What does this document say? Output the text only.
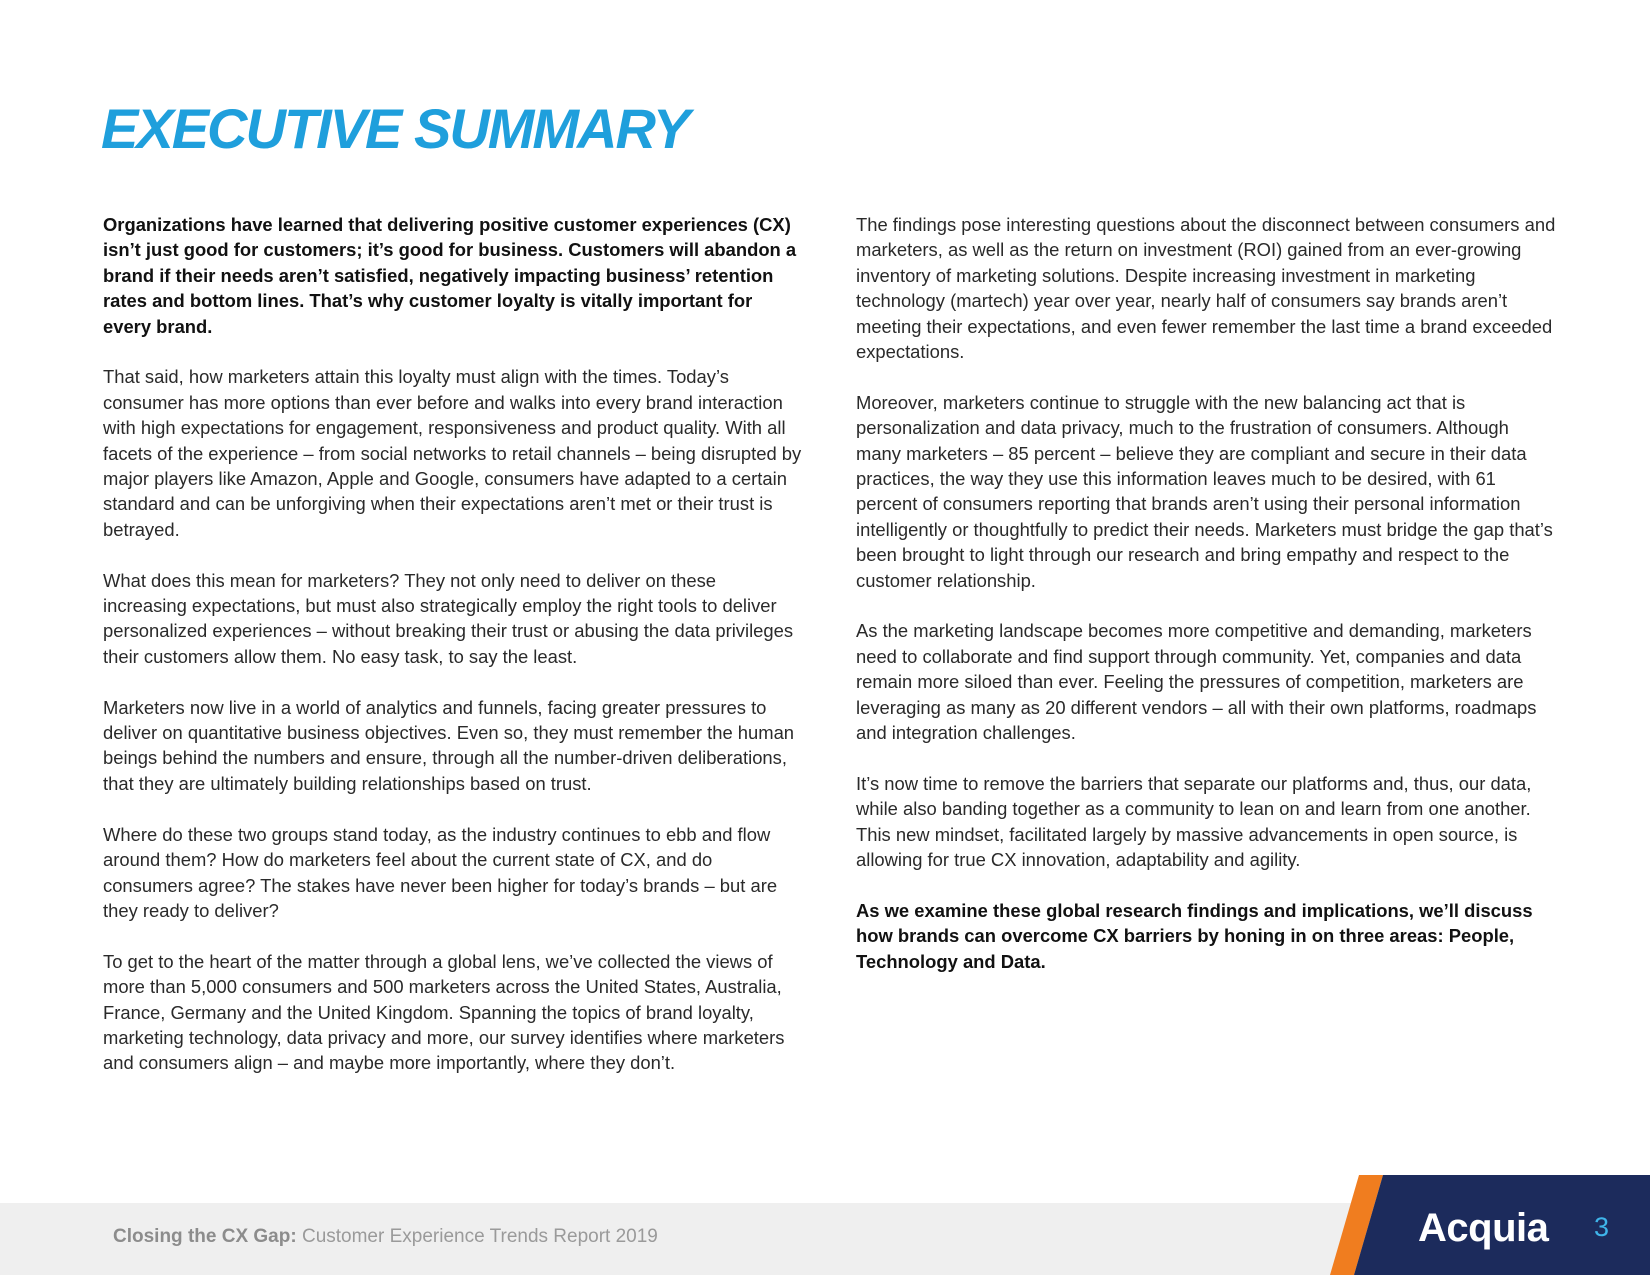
EXECUTIVE SUMMARY

Organizations have learned that delivering positive customer experiences (CX) isn’t just good for customers; it’s good for business. Customers will abandon a brand if their needs aren’t satisfied, negatively impacting business’ retention rates and bottom lines. That’s why customer loyalty is vitally important for every brand.

That said, how marketers attain this loyalty must align with the times. Today’s consumer has more options than ever before and walks into every brand interaction with high expectations for engagement, responsiveness and product quality. With all facets of the experience – from social networks to retail channels – being disrupted by major players like Amazon, Apple and Google, consumers have adapted to a certain standard and can be unforgiving when their expectations aren’t met or their trust is betrayed.

What does this mean for marketers? They not only need to deliver on these increasing expectations, but must also strategically employ the right tools to deliver personalized experiences – without breaking their trust or abusing the data privileges their customers allow them. No easy task, to say the least.

Marketers now live in a world of analytics and funnels, facing greater pressures to deliver on quantitative business objectives. Even so, they must remember the human beings behind the numbers and ensure, through all the number-driven deliberations, that they are ultimately building relationships based on trust.

Where do these two groups stand today, as the industry continues to ebb and flow around them? How do marketers feel about the current state of CX, and do consumers agree? The stakes have never been higher for today’s brands – but are they ready to deliver?

To get to the heart of the matter through a global lens, we’ve collected the views of more than 5,000 consumers and 500 marketers across the United States, Australia, France, Germany and the United Kingdom. Spanning the topics of brand loyalty, marketing technology, data privacy and more, our survey identifies where marketers and consumers align – and maybe more importantly, where they don’t.

The findings pose interesting questions about the disconnect between consumers and marketers, as well as the return on investment (ROI) gained from an ever-growing inventory of marketing solutions. Despite increasing investment in marketing technology (martech) year over year, nearly half of consumers say brands aren’t meeting their expectations, and even fewer remember the last time a brand exceeded expectations.

Moreover, marketers continue to struggle with the new balancing act that is personalization and data privacy, much to the frustration of consumers. Although many marketers – 85 percent – believe they are compliant and secure in their data practices, the way they use this information leaves much to be desired, with 61 percent of consumers reporting that brands aren’t using their personal information intelligently or thoughtfully to predict their needs. Marketers must bridge the gap that’s been brought to light through our research and bring empathy and respect to the customer relationship.

As the marketing landscape becomes more competitive and demanding, marketers need to collaborate and find support through community. Yet, companies and data remain more siloed than ever. Feeling the pressures of competition, marketers are leveraging as many as 20 different vendors – all with their own platforms, roadmaps and integration challenges.

It’s now time to remove the barriers that separate our platforms and, thus, our data, while also banding together as a community to lean on and learn from one another. This new mindset, facilitated largely by massive advancements in open source, is allowing for true CX innovation, adaptability and agility.

As we examine these global research findings and implications, we’ll discuss how brands can overcome CX barriers by honing in on three areas: People, Technology and Data.

Closing the CX Gap: Customer Experience Trends Report 2019	Acquia 3
